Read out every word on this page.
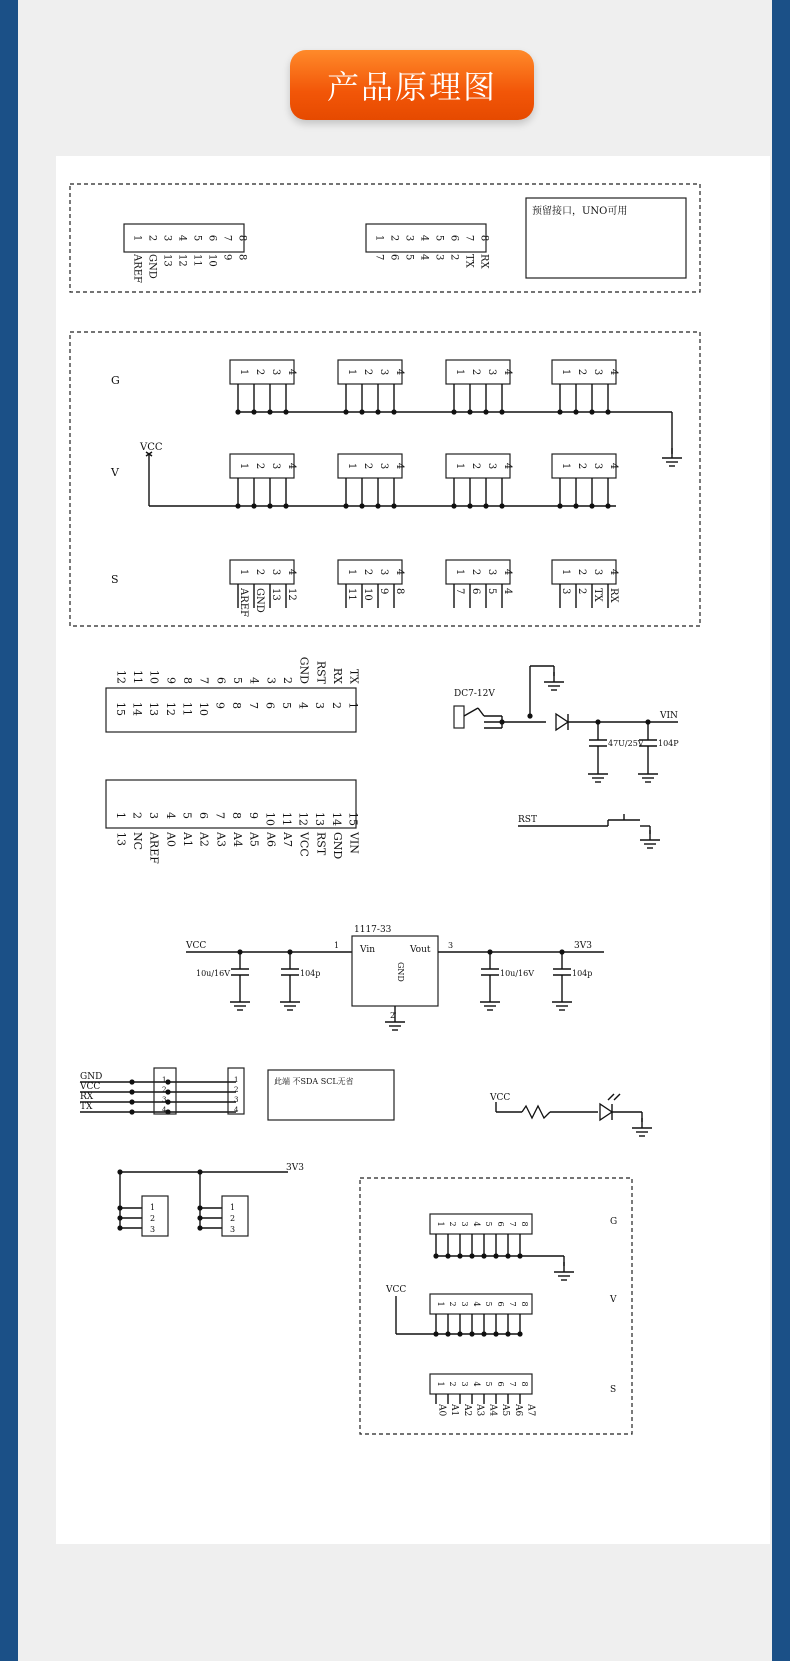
产品原理图
1 2 3 4 5 6 7 8
AREF GND 13 12 11 10 9 8
1 2 3 4 5 6 7 8
7 6 5 4 3 2 TX RX
预留接口，UNO可用
G
V
S
1 2 3 4	1 2 3 4	1 2 3 4	1 2 3 4
VCC
1 2 3 4	1 2 3 4	1 2 3 4	1 2 3 4
1 2 3 4
AREF GND 13 12
1 2 3 4
11 10 9 8
1 2 3 4
7 6 5 4
1 2 3 4
3 2 TX RX
15 14 13 12 11 10 9 8 7 6 5 4 3 2 1
12 11 10 9 8 7 6 5 4 3 2 GND RST RX TX
1 2 3 4 5 6 7 8 9 10 11 12 13 14 15
13 NC AREF A0 A1 A2 A3 A4 A5 A6 A7 VCC RST GND VIN
DC7-12V
VIN
47U/25V 104P
RST
VCC	1
1117-33
Vin	Vout
GND
3	3V3
2
10u/16V	104p	10u/16V	104p
GND
VCC
RX
TX
1
2
3
4
1
2
3
4
此端 不SDA SCL无省
VCC
3V3
1	1
2	2
3	3
G
V
S
1 2 3 4 5 6 7 8
VCC
1 2 3 4 5 6 7 8
1 2 3 4 5 6 7 8
A0 A1 A2 A3 A4 A5 A6 A7
